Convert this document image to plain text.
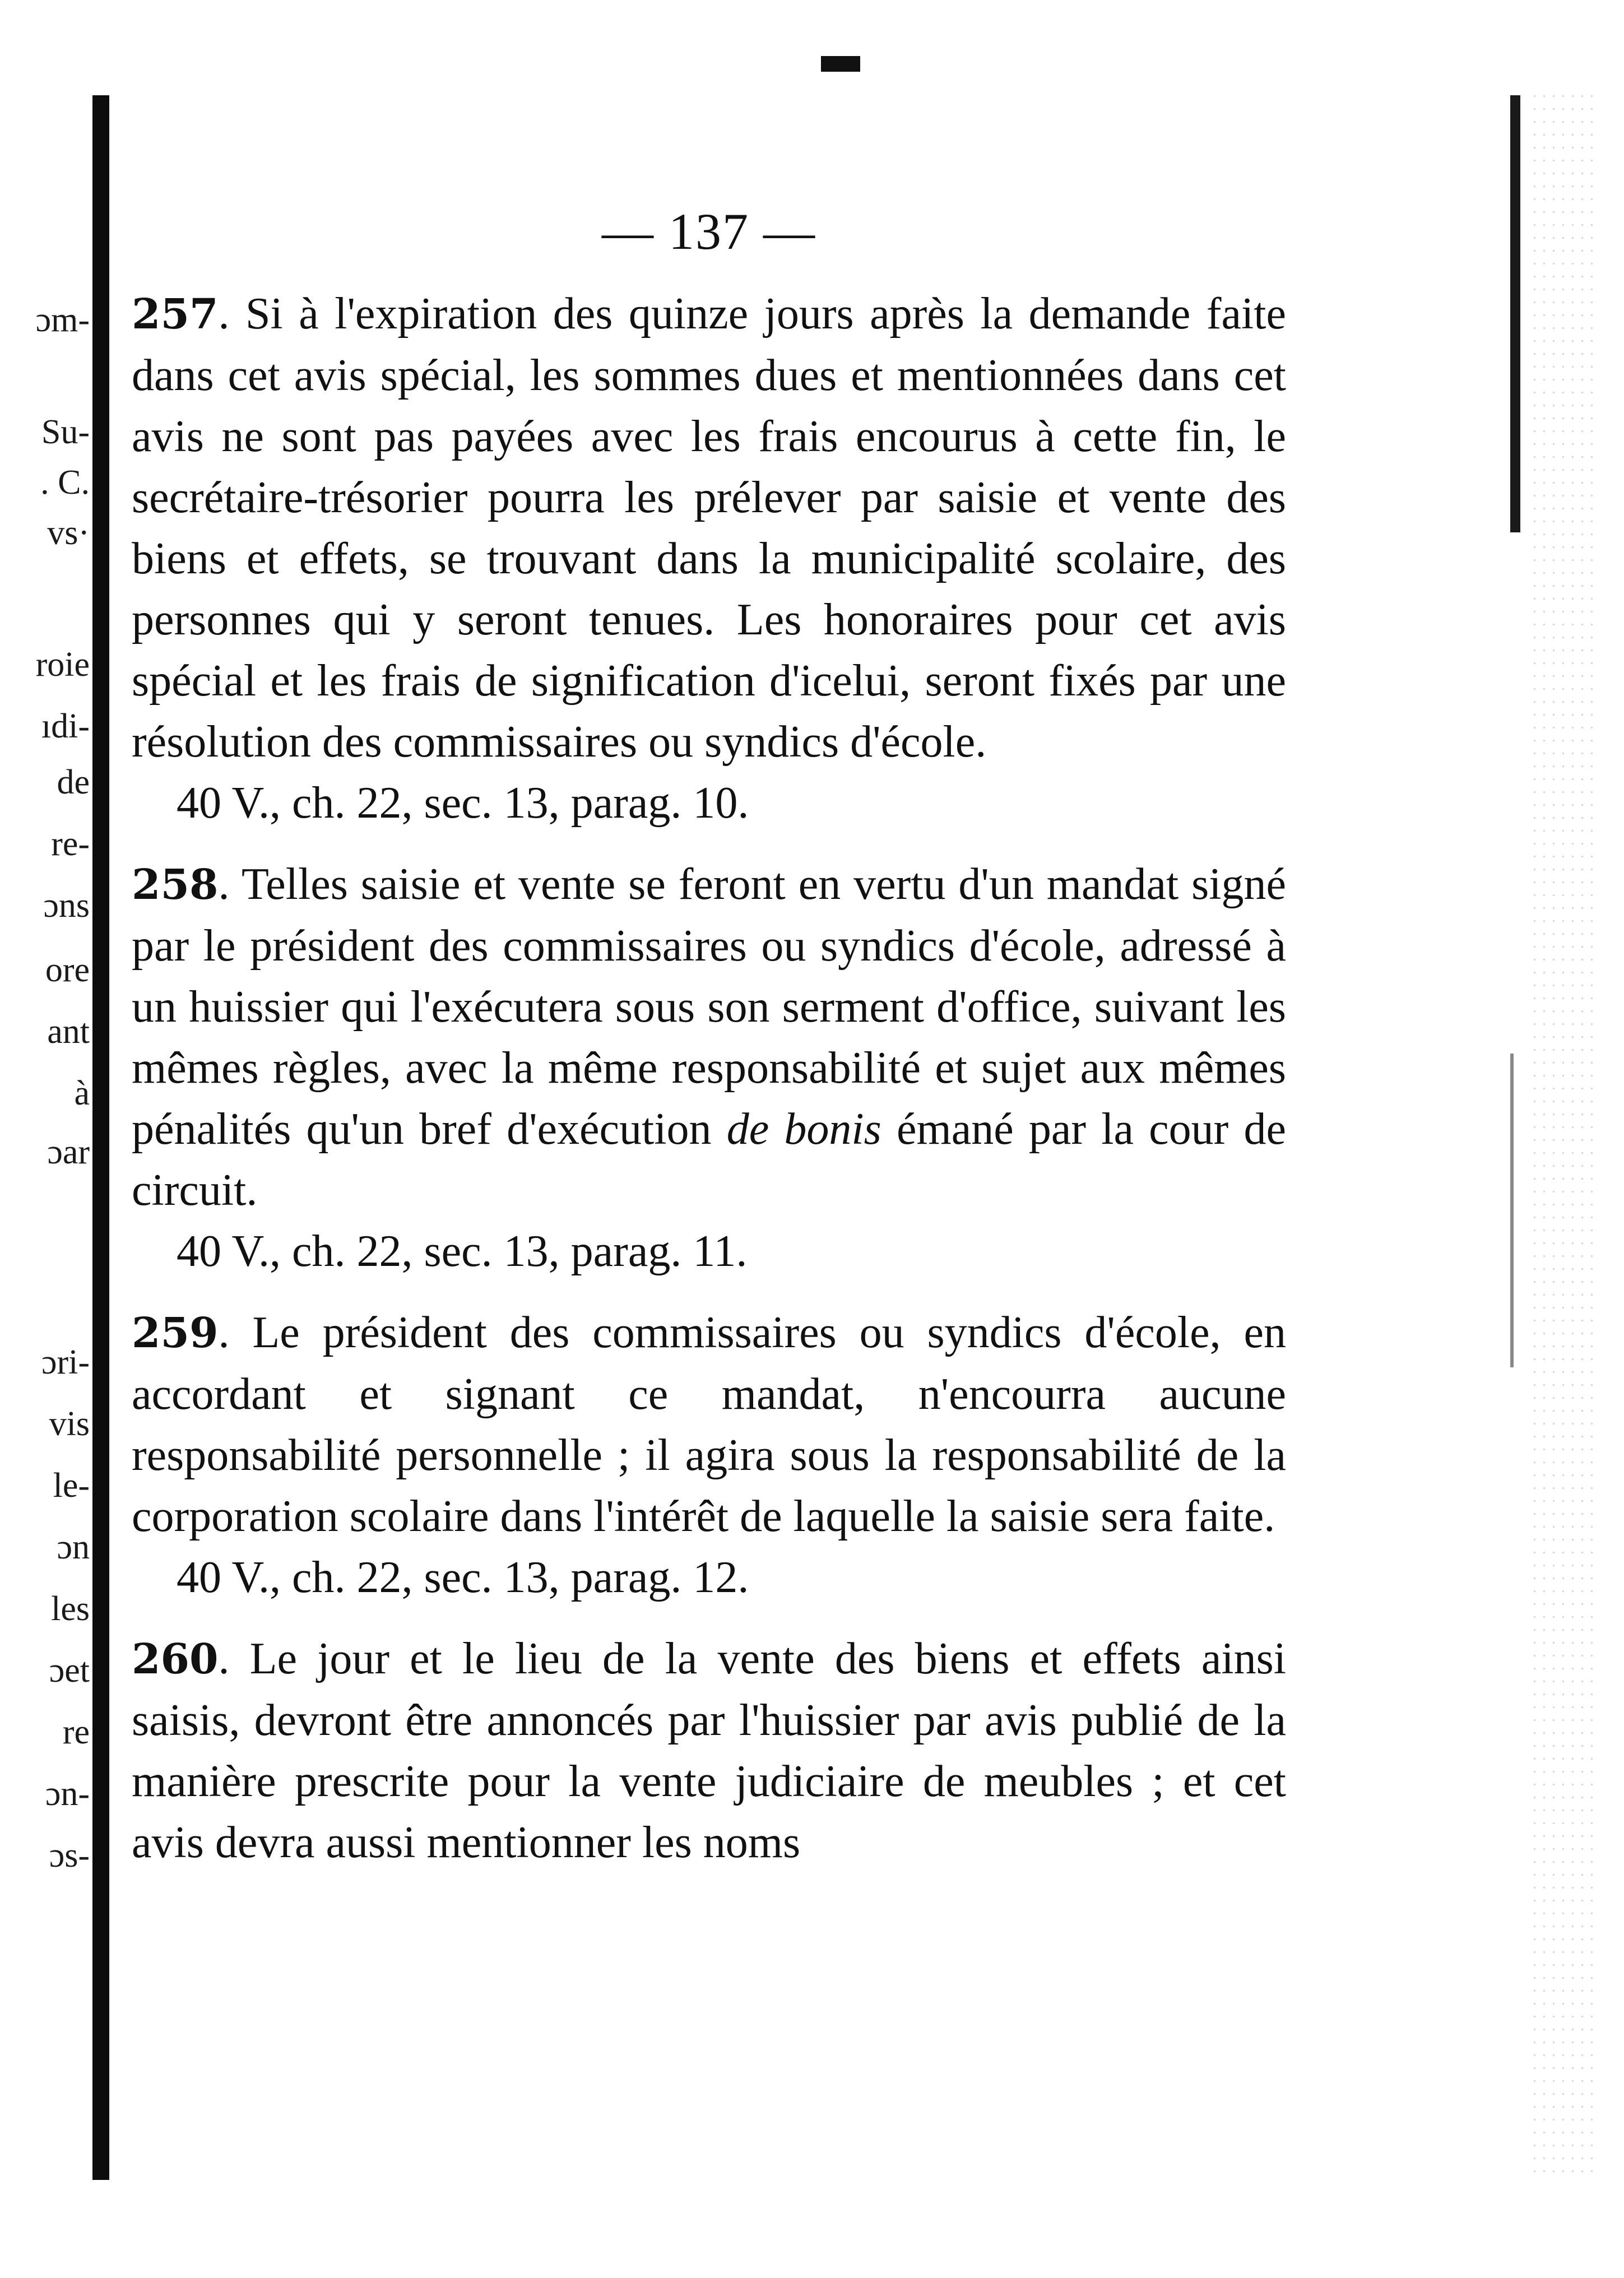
ɔm-
Su-
. C.
vs·
roie
ıdi-
de
re-
ɔns
ore
ant
à
ɔar
ɔri-
vis
le-
ɔn
les
ɔet
re
ɔn-
ɔs-
— 137 —

257. Si à l'expiration des quinze jours après la demande faite dans cet avis spécial, les sommes dues et mentionnées dans cet avis ne sont pas payées avec les frais encourus à cette fin, le secrétaire-trésorier pourra les prélever par saisie et vente des biens et effets, se trouvant dans la municipalité scolaire, des personnes qui y seront tenues. Les honoraires pour cet avis spécial et les frais de signification d'icelui, seront fixés par une résolution des commissaires ou syndics d'école.

40 V., ch. 22, sec. 13, parag. 10.

258. Telles saisie et vente se feront en vertu d'un mandat signé par le président des commissaires ou syndics d'école, adressé à un huissier qui l'exécutera sous son serment d'office, suivant les mêmes règles, avec la même responsabilité et sujet aux mêmes pénalités qu'un bref d'exécution de bonis émané par la cour de circuit.

40 V., ch. 22, sec. 13, parag. 11.

259. Le président des commissaires ou syndics d'école, en accordant et signant ce mandat, n'encourra aucune responsabilité personnelle ; il agira sous la responsabilité de la corporation scolaire dans l'intérêt de laquelle la saisie sera faite.

40 V., ch. 22, sec. 13, parag. 12.

260. Le jour et le lieu de la vente des biens et effets ainsi saisis, devront être annoncés par l'huissier par avis publié de la manière prescrite pour la vente judiciaire de meubles ; et cet avis devra aussi mentionner les noms
